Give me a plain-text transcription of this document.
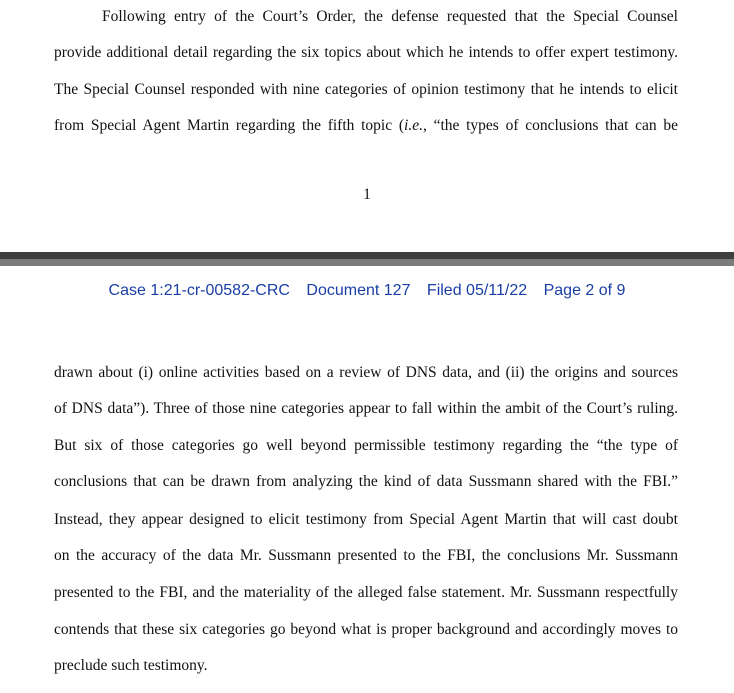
Following entry of the Court’s Order, the defense requested that the Special Counsel
provide additional detail regarding the six topics about which he intends to offer expert testimony.
The Special Counsel responded with nine categories of opinion testimony that he intends to elicit
from Special Agent Martin regarding the fifth topic (i.e., “the types of conclusions that can be
1
Case 1:21-cr-00582-CRC Document 127 Filed 05/11/22 Page 2 of 9
drawn about (i) online activities based on a review of DNS data, and (ii) the origins and sources
of DNS data”). Three of those nine categories appear to fall within the ambit of the Court’s ruling.
But six of those categories go well beyond permissible testimony regarding the “the type of
conclusions that can be drawn from analyzing the kind of data Sussmann shared with the FBI.”
Instead, they appear designed to elicit testimony from Special Agent Martin that will cast doubt
on the accuracy of the data Mr. Sussmann presented to the FBI, the conclusions Mr. Sussmann
presented to the FBI, and the materiality of the alleged false statement. Mr. Sussmann respectfully
contends that these six categories go beyond what is proper background and accordingly moves to
preclude such testimony.
